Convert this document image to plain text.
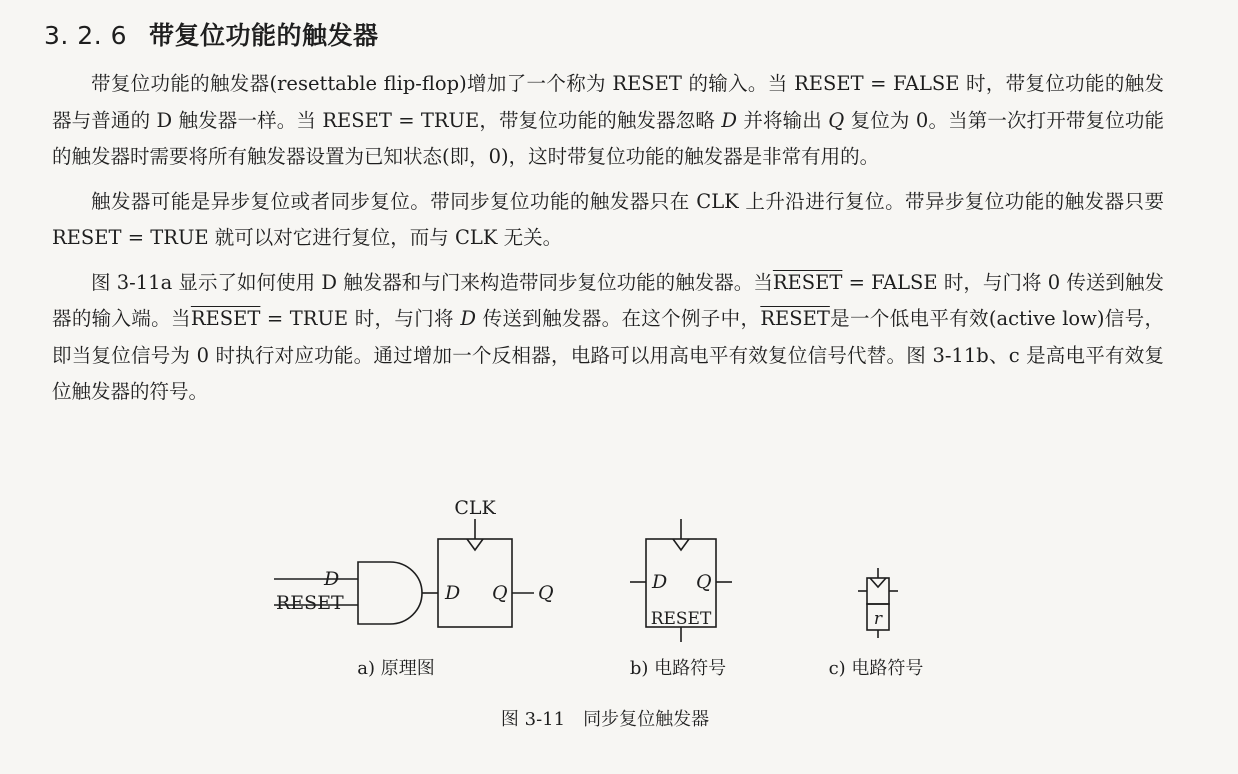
3. 2. 6 带复位功能的触发器

带复位功能的触发器(resettable flip-flop)增加了一个称为 RESET 的输入。当 RESET = FALSE 时，带复位功能的触发器与普通的 D 触发器一样。当 RESET = TRUE，带复位功能的触发器忽略 D 并将输出 Q 复位为 0。当第一次打开带复位功能的触发器时需要将所有触发器设置为已知状态(即，0)，这时带复位功能的触发器是非常有用的。

触发器可能是异步复位或者同步复位。带同步复位功能的触发器只在 CLK 上升沿进行复位。带异步复位功能的触发器只要 RESET = TRUE 就可以对它进行复位，而与 CLK 无关。

图 3-11a 显示了如何使用 D 触发器和与门来构造带同步复位功能的触发器。当RESET = FALSE 时，与门将 0 传送到触发器的输入端。当RESET = TRUE 时，与门将 D 传送到触发器。在这个例子中，RESET是一个低电平有效(active low)信号，即当复位信号为 0 时执行对应功能。通过增加一个反相器，电路可以用高电平有效复位信号代替。图 3-11b、c 是高电平有效复位触发器的符号。

CLK
D
RESET	D Q Q	D Q
RESET	r
a) 原理图	b) 电路符号	c) 电路符号
图 3-11　同步复位触发器
